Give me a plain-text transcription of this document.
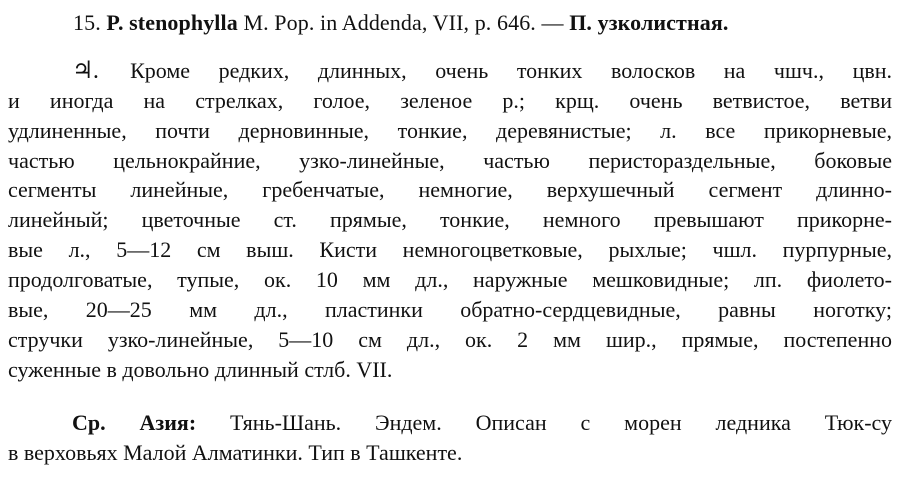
15. P. stenophylla M. Pop. in Addenda, VII, p. 646. — П. узколистная.
♃. Кроме редких, длинных, очень тонких волосков на чшч., цвн.
и иногда на стрелках, голое, зеленое р.; крщ. очень ветвистое, ветви
удлиненные, почти дерновинные, тонкие, деревянистые; л. все прикорневые,
частью цельнокрайние, узко-линейные, частью перистораздельные, боковые
сегменты линейные, гребенчатые, немногие, верхушечный сегмент длинно-
линейный; цветочные ст. прямые, тонкие, немного превышают прикорне-
вые л., 5—12 см выш. Кисти немногоцветковые, рыхлые; чшл. пурпурные,
продолговатые, тупые, ок. 10 мм дл., наружные мешковидные; лп. фиолето-
вые, 20—25 мм дл., пластинки обратно-сердцевидные, равны ноготку;
стручки узко-линейные, 5—10 см дл., ок. 2 мм шир., прямые, постепенно
суженные в довольно длинный стлб. VII.
Ср. Азия: Тянь-Шань. Эндем. Описан с морен ледника Тюк-су
в верховьях Малой Алматинки. Тип в Ташкенте.
